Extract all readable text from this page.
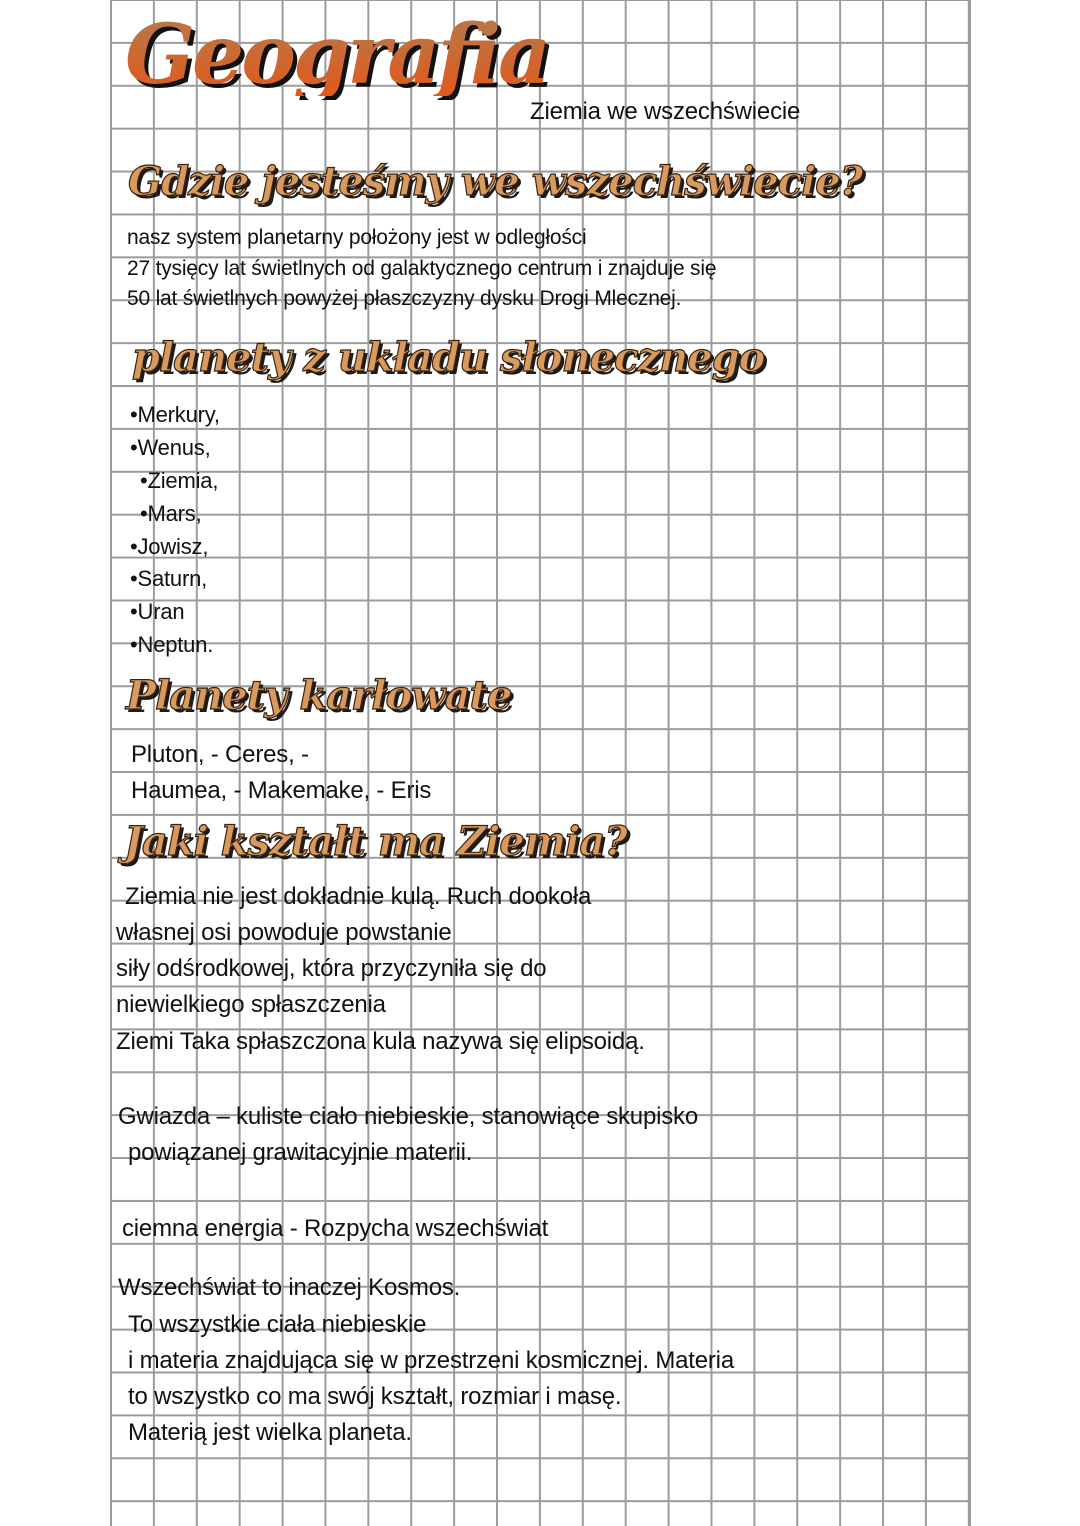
Geografia
Ziemia we wszechświecie
Gdzie jesteśmy we wszechświecie?
nasz system planetarny położony jest w odległości
27 tysięcy lat świetlnych od galaktycznego centrum i znajduje się
50 lat świetlnych powyżej płaszczyzny dysku Drogi Mlecznej.
planety z układu słonecznego
•Merkury,
•Wenus,
•Ziemia,
•Mars,
•Jowisz,
•Saturn,
•Uran
•Neptun.
Planety karłowate
Pluton, - Ceres, -
Haumea, - Makemake, - Eris
Jaki kształt ma Ziemia?
Ziemia nie jest dokładnie kulą. Ruch dookoła
własnej osi powoduje powstanie
siły odśrodkowej, która przyczyniła się do
niewielkiego spłaszczenia
Ziemi Taka spłaszczona kula nazywa się elipsoidą.
Gwiazda – kuliste ciało niebieskie, stanowiące skupisko
powiązanej grawitacyjnie materii.
ciemna energia - Rozpycha wszechświat
Wszechświat to inaczej Kosmos.
To wszystkie ciała niebieskie
i materia znajdująca się w przestrzeni kosmicznej. Materia
to wszystko co ma swój kształt, rozmiar i masę.
Materią jest wielka planeta.
